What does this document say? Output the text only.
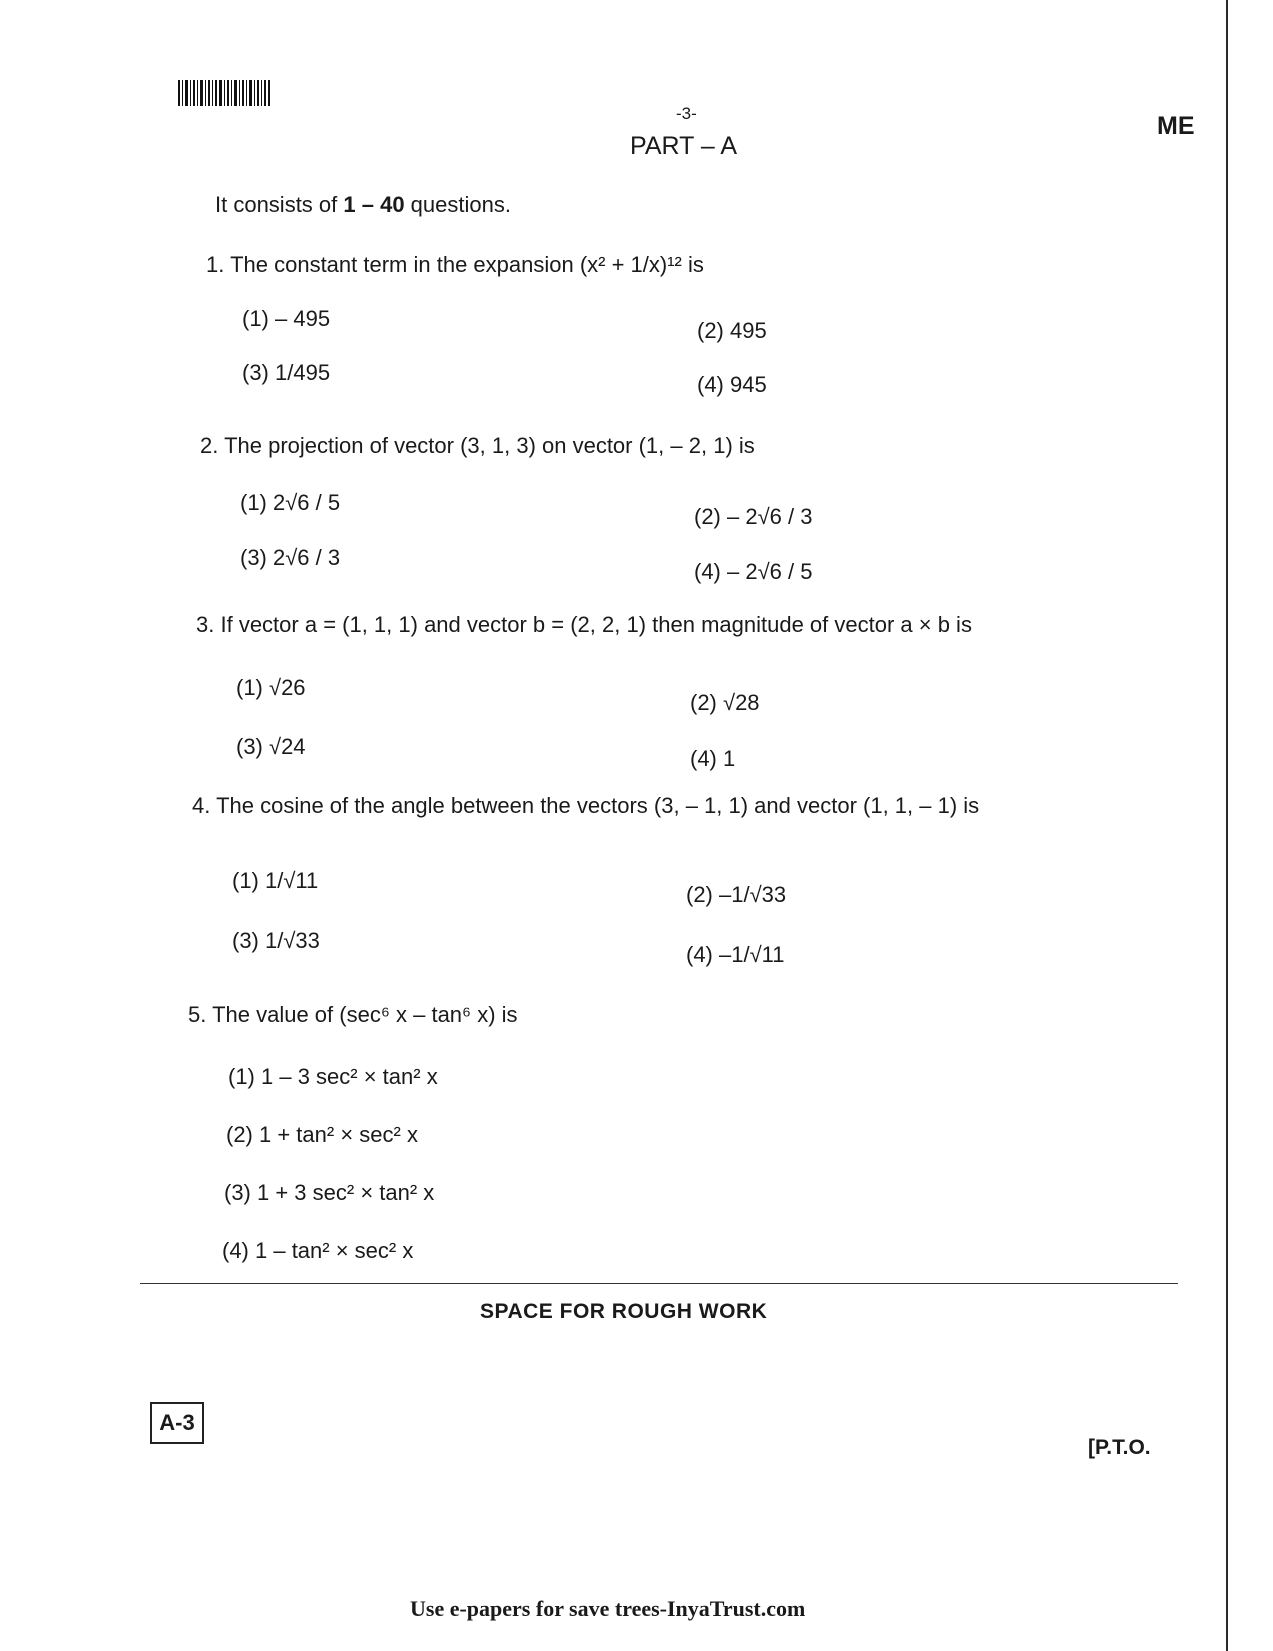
-3-
PART – A
ME
It consists of 1 – 40 questions.
1. The constant term in the expansion (x² + 1/x)¹² is
(1) – 495	(2) 495
(3) 1/495	(4) 945
2. The projection of vector (3, 1, 3) on vector (1, – 2, 1) is
(1) 2√6 / 5
(2) – 2√6 / 3
(3) 2√6 / 3
(4) – 2√6 / 5
3. If vector a = (1, 1, 1) and vector b = (2, 2, 1) then magnitude of vector a × b is
(1) √26
(2) √28
(3) √24	(4) 1
4. The cosine of the angle between the vectors (3, – 1, 1) and vector (1, 1, – 1) is
(1) 1/√11
(2) –1/√33
(3) 1/√33
(4) –1/√11
5. The value of (sec⁶ x – tan⁶ x) is
(1) 1 – 3 sec² × tan² x
(2) 1 + tan² × sec² x
(3) 1 + 3 sec² × tan² x
(4) 1 – tan² × sec² x
SPACE FOR ROUGH WORK
A-3
[P.T.O.
Use e-papers for save trees-InyaTrust.com
